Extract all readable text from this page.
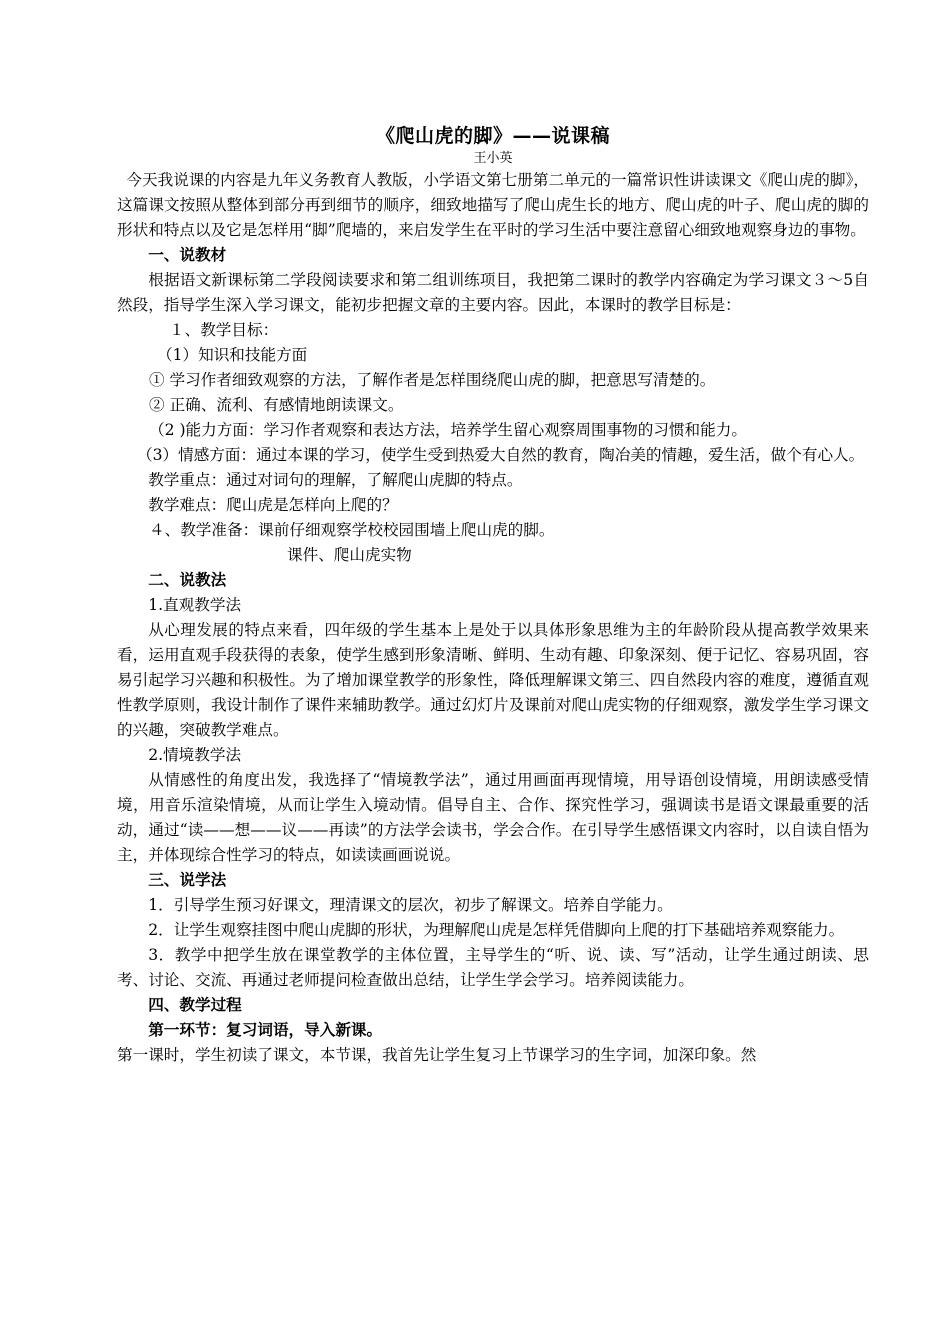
《爬山虎的脚》——说课稿

王小英

今天我说课的内容是九年义务教育人教版，小学语文第七册第二单元的一篇常识性讲读课文《爬山虎的脚》，这篇课文按照从整体到部分再到细节的顺序，细致地描写了爬山虎生长的地方、爬山虎的叶子、爬山虎的脚的形状和特点以及它是怎样用“脚”爬墙的，来启发学生在平时的学习生活中要注意留心细致地观察身边的事物。

一、说教材

根据语文新课标第二学段阅读要求和第二组训练项目，我把第二课时的教学内容确定为学习课文３～5自然段，指导学生深入学习课文，能初步把握文章的主要内容。因此，本课时的教学目标是：

１、教学目标：

（1）知识和技能方面

① 学习作者细致观察的方法，了解作者是怎样围绕爬山虎的脚，把意思写清楚的。

② 正确、流利、有感情地朗读课文。

（2 )能力方面：学习作者观察和表达方法，培养学生留心观察周围事物的习惯和能力。

（3）情感方面：通过本课的学习，使学生受到热爱大自然的教育，陶冶美的情趣，爱生活，做个有心人。

教学重点：通过对词句的理解，了解爬山虎脚的特点。

教学难点：爬山虎是怎样向上爬的？

４、教学准备：课前仔细观察学校校园围墙上爬山虎的脚。

课件、爬山虎实物

二、说教法

1.直观教学法

从心理发展的特点来看，四年级的学生基本上是处于以具体形象思维为主的年龄阶段从提高教学效果来看，运用直观手段获得的表象，使学生感到形象清晰、鲜明、生动有趣、印象深刻、便于记忆、容易巩固，容易引起学习兴趣和积极性。为了增加课堂教学的形象性，降低理解课文第三、四自然段内容的难度，遵循直观性教学原则，我设计制作了课件来辅助教学。通过幻灯片及课前对爬山虎实物的仔细观察，激发学生学习课文的兴趣，突破教学难点。

2.情境教学法

从情感性的角度出发，我选择了“情境教学法”，通过用画面再现情境，用导语创设情境，用朗读感受情境，用音乐渲染情境，从而让学生入境动情。倡导自主、合作、探究性学习，强调读书是语文课最重要的活动，通过“读——想——议——再读”的方法学会读书，学会合作。在引导学生感悟课文内容时，以自读自悟为主，并体现综合性学习的特点，如读读画画说说。

三、说学法

1．引导学生预习好课文，理清课文的层次，初步了解课文。培养自学能力。

2．让学生观察挂图中爬山虎脚的形状，为理解爬山虎是怎样凭借脚向上爬的打下基础培养观察能力。

3．教学中把学生放在课堂教学的主体位置，主导学生的“听、说、读、写”活动，让学生通过朗读、思考、讨论、交流、再通过老师提问检查做出总结，让学生学会学习。培养阅读能力。

四、教学过程

第一环节：复习词语，导入新课。

第一课时，学生初读了课文，本节课，我首先让学生复习上节课学习的生字词，加深印象。然
